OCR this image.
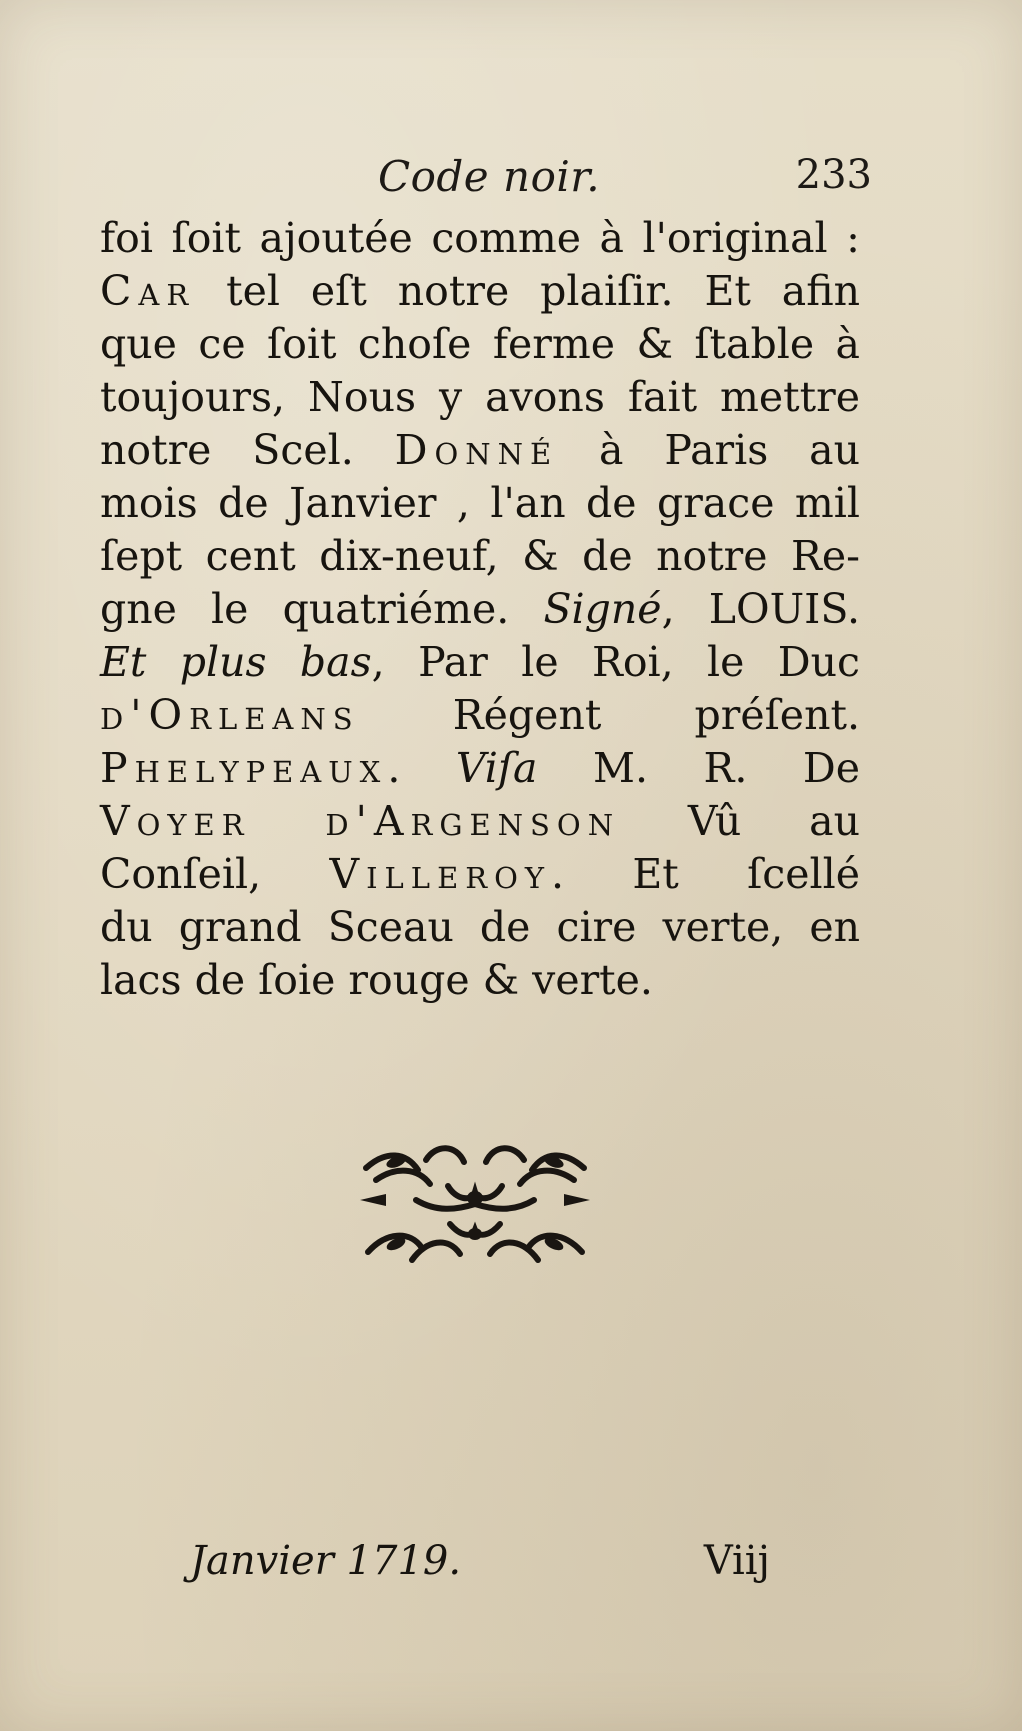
Code noir.	233
foi ſoit ajoutée comme à l'original :
Car tel eſt notre plaiſir. Et afin
que ce ſoit choſe ferme & ſtable à
toujours, Nous y avons fait mettre
notre Scel. Donné à Paris au
mois de Janvier , l'an de grace mil
ſept cent dix-neuf, & de notre Re-
gne le quatriéme. Signé, LOUIS.
Et plus bas, Par le Roi, le Duc
d'Orleans Régent préſent.
Phelypeaux. Viſa M. R. De
Voyer d'Argenson Vû au
Conſeil, Villeroy. Et ſcellé
du grand Sceau de cire verte, en
lacs de ſoie rouge & verte.
Janvier 1719.	Viij
